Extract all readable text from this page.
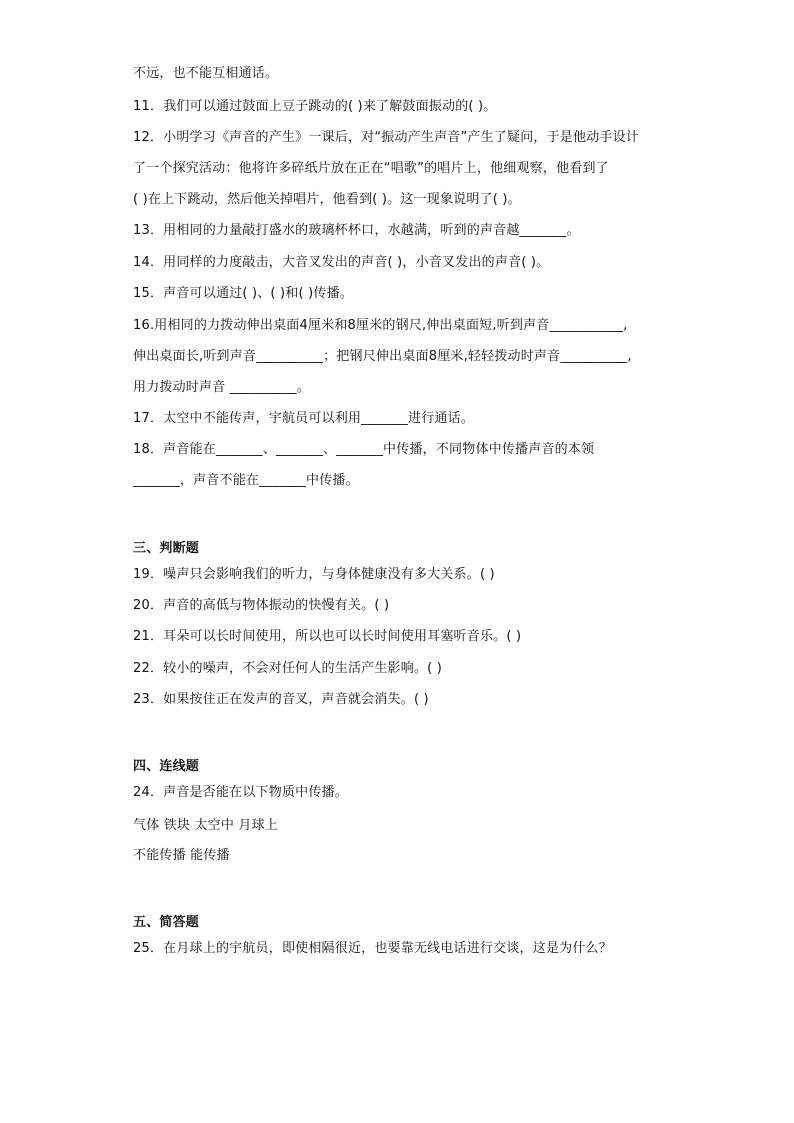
不远，也不能互相通话。
11．我们可以通过鼓面上豆子跳动的( )来了解鼓面振动的( )。
12．小明学习《声音的产生》一课后，对“振动产生声音”产生了疑问，于是他动手设计
了一个探究活动：他将许多碎纸片放在正在“唱歌”的唱片上，他细观察，他看到了
( )在上下跳动，然后他关掉唱片，他看到( )。这一现象说明了( )。
13．用相同的力量敲打盛水的玻璃杯杯口，水越满，听到的声音越_______。
14．用同样的力度敲击，大音叉发出的声音( )，小音叉发出的声音( )。
15．声音可以通过( )、( )和( )传播。
16.用相同的力拨动伸出桌面4厘米和8厘米的钢尺,伸出桌面短,听到声音___________,
伸出桌面长,听到声音__________；把钢尺伸出桌面8厘米,轻轻拨动时声音__________,
用力拨动时声音 __________。
17．太空中不能传声，宇航员可以利用_______进行通话。
18．声音能在_______、_______、_______中传播，不同物体中传播声音的本领
_______，声音不能在_______中传播。
三、判断题
19．噪声只会影响我们的听力，与身体健康没有多大关系。( )
20．声音的高低与物体振动的快慢有关。( )
21．耳朵可以长时间使用，所以也可以长时间使用耳塞听音乐。( )
22．较小的噪声，不会对任何人的生活产生影响。( )
23．如果按住正在发声的音叉，声音就会消失。( )
四、连线题
24．声音是否能在以下物质中传播。
气体 铁块 太空中 月球上
不能传播 能传播
五、简答题
25．在月球上的宇航员，即使相隔很近，也要靠无线电话进行交谈，这是为什么？
